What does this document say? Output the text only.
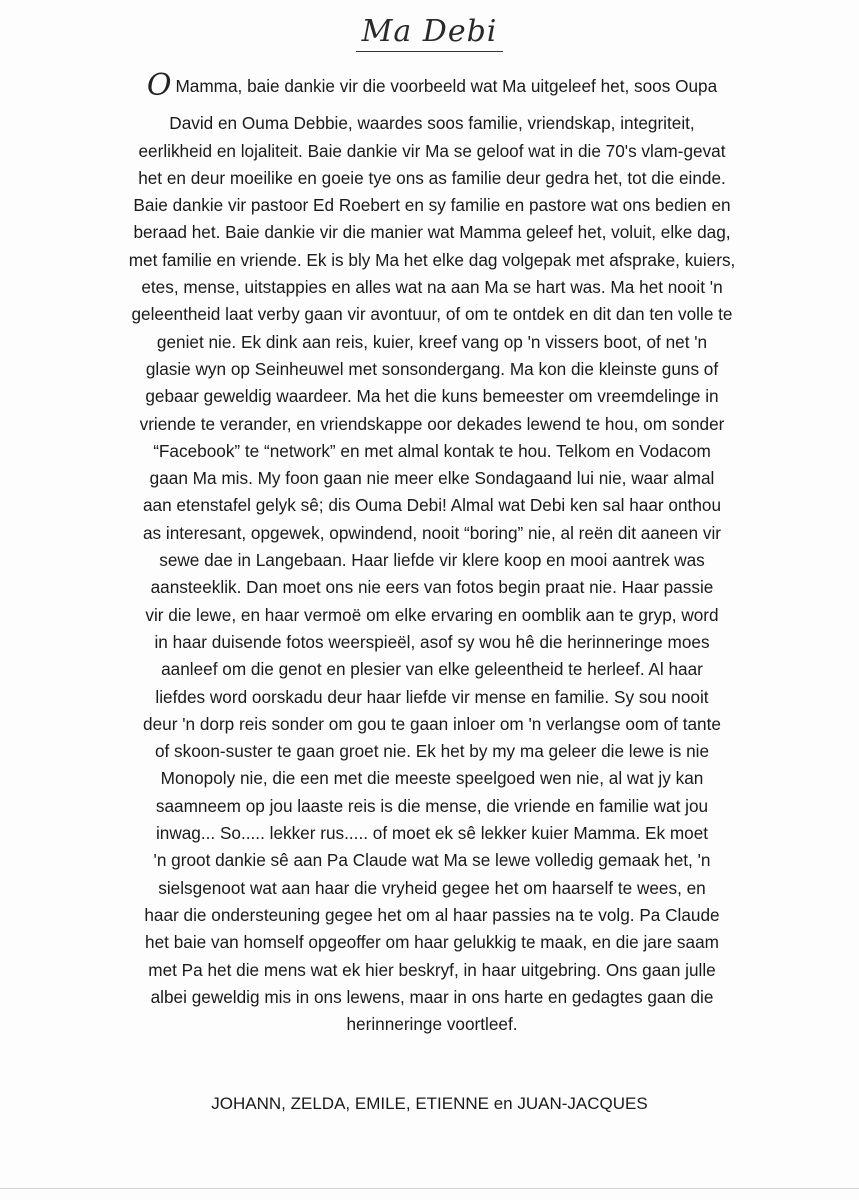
Ma Debi
O Mamma, baie dankie vir die voorbeeld wat Ma uitgeleef het, soos Oupa
David en Ouma Debbie, waardes soos familie, vriendskap, integriteit,
eerlikheid en lojaliteit. Baie dankie vir Ma se geloof wat in die 70's vlam-gevat
het en deur moeilike en goeie tye ons as familie deur gedra het, tot die einde.
Baie dankie vir pastoor Ed Roebert en sy familie en pastore wat ons bedien en
beraad het. Baie dankie vir die manier wat Mamma geleef het, voluit, elke dag,
met familie en vriende. Ek is bly Ma het elke dag volgepak met afsprake, kuiers,
etes, mense, uitstappies en alles wat na aan Ma se hart was. Ma het nooit 'n
geleentheid laat verby gaan vir avontuur, of om te ontdek en dit dan ten volle te
geniet nie. Ek dink aan reis, kuier, kreef vang op 'n vissers boot, of net 'n
glasie wyn op Seinheuwel met sonsondergang. Ma kon die kleinste guns of
gebaar geweldig waardeer. Ma het die kuns bemeester om vreemdelinge in
vriende te verander, en vriendskappe oor dekades lewend te hou, om sonder
“Facebook” te “network” en met almal kontak te hou. Telkom en Vodacom
gaan Ma mis. My foon gaan nie meer elke Sondagaand lui nie, waar almal
aan etenstafel gelyk sê; dis Ouma Debi! Almal wat Debi ken sal haar onthou
as interesant, opgewek, opwindend, nooit “boring” nie, al reën dit aaneen vir
sewe dae in Langebaan. Haar liefde vir klere koop en mooi aantrek was
aansteeklik. Dan moet ons nie eers van fotos begin praat nie. Haar passie
vir die lewe, en haar vermoë om elke ervaring en oomblik aan te gryp, word
in haar duisende fotos weerspieël, asof sy wou hê die herinneringe moes
aanleef om die genot en plesier van elke geleentheid te herleef. Al haar
liefdes word oorskadu deur haar liefde vir mense en familie. Sy sou nooit
deur 'n dorp reis sonder om gou te gaan inloer om 'n verlangse oom of tante
of skoon-suster te gaan groet nie. Ek het by my ma geleer die lewe is nie
Monopoly nie, die een met die meeste speelgoed wen nie, al wat jy kan
saamneem op jou laaste reis is die mense, die vriende en familie wat jou
inwag... So..... lekker rus..... of moet ek sê lekker kuier Mamma. Ek moet
'n groot dankie sê aan Pa Claude wat Ma se lewe volledig gemaak het, 'n
sielsgenoot wat aan haar die vryheid gegee het om haarself te wees, en
haar die ondersteuning gegee het om al haar passies na te volg. Pa Claude
het baie van homself opgeoffer om haar gelukkig te maak, en die jare saam
met Pa het die mens wat ek hier beskryf, in haar uitgebring. Ons gaan julle
albei geweldig mis in ons lewens, maar in ons harte en gedagtes gaan die
herinneringe voortleef.
JOHANN, ZELDA, EMILE, ETIENNE en JUAN-JACQUES
